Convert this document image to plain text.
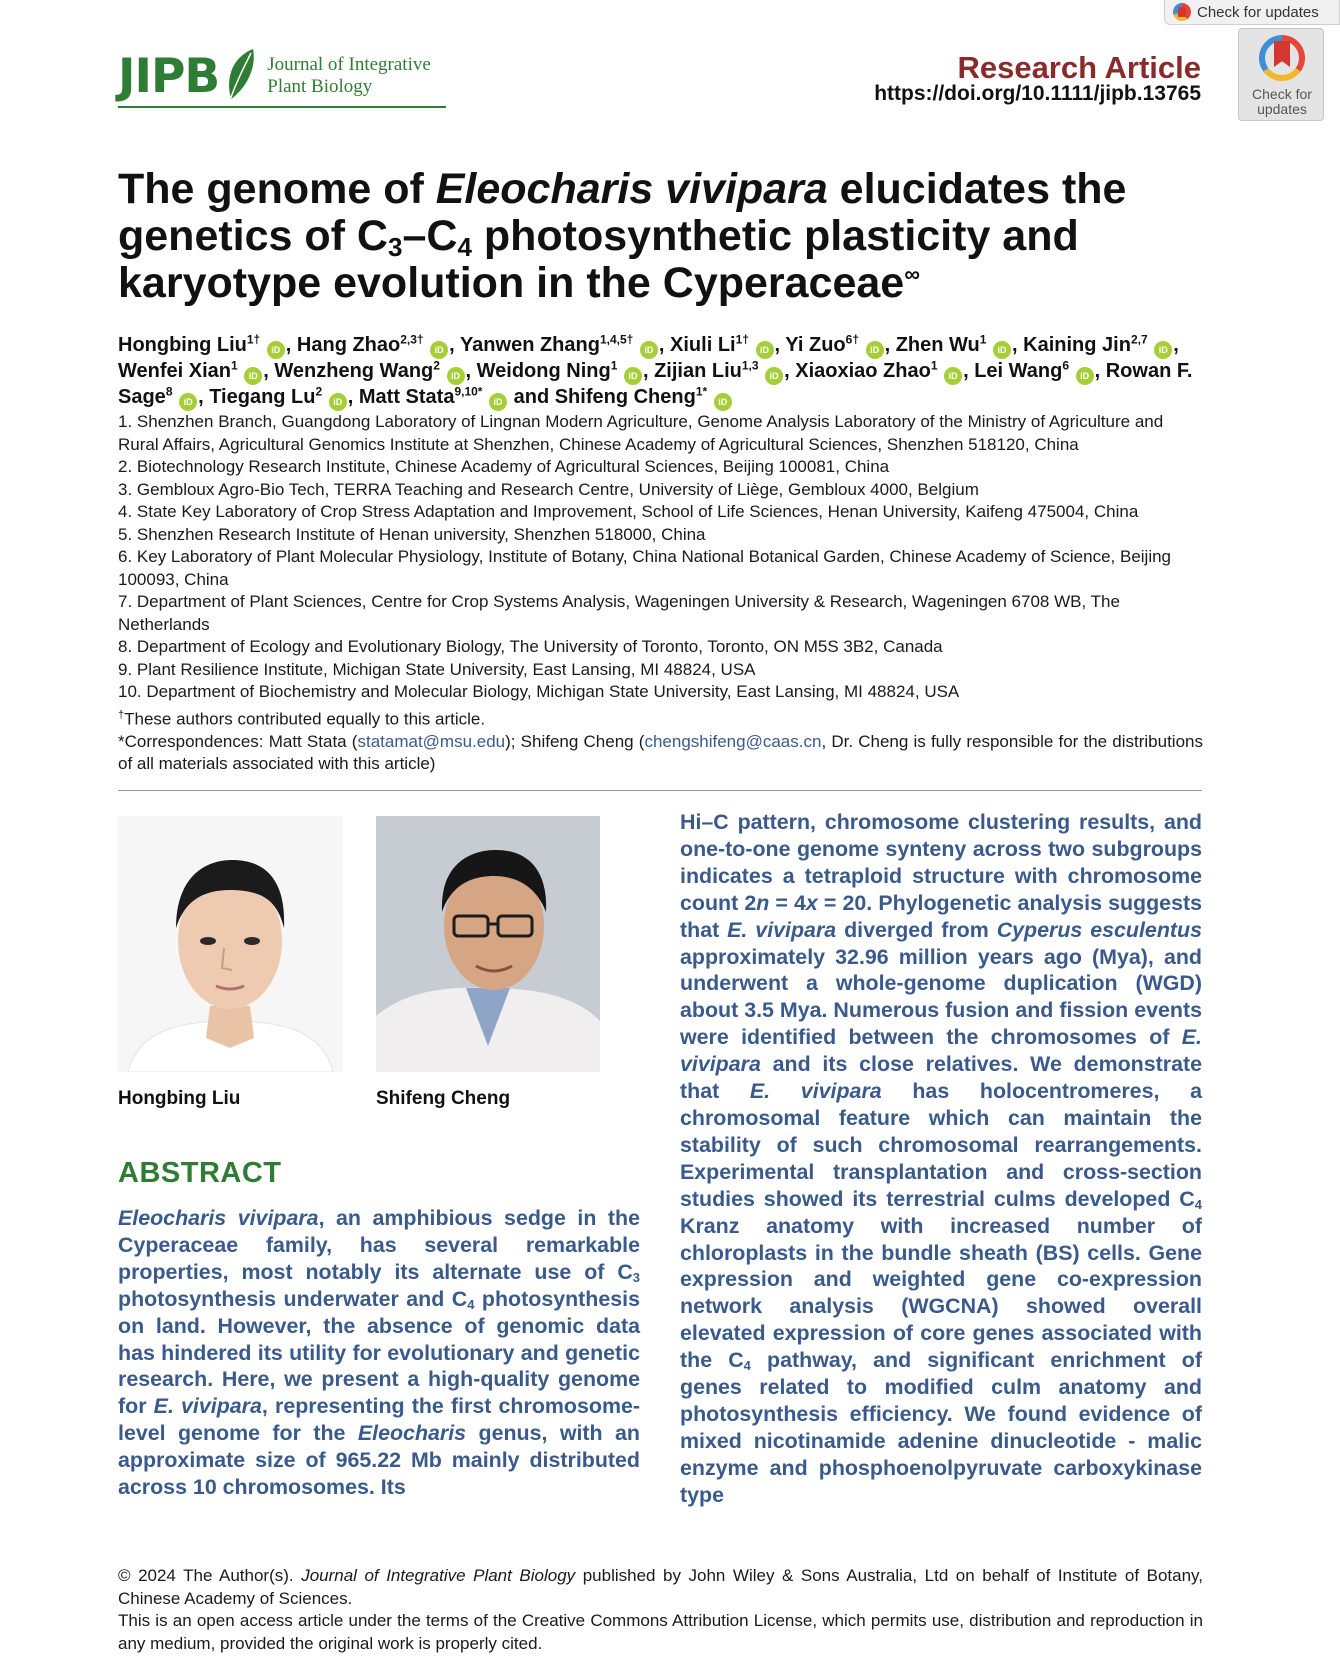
Check for updates
Check for
updates
JIPB	Journal of Integrative
Plant Biology
Research Article
https://doi.org/10.1111/jipb.13765
The genome of Eleocharis vivipara elucidates the genetics of $C_3-C_4$ photosynthetic plasticity and karyotype evolution in the Cyperaceae∞
Hongbing Liu$^{1\dagger}$ iD , Hang Zhao$^{2,3\dagger}$ iD , Yanwen Zhang$^{1,4,5\dagger}$ iD , Xiuli $Li^{1\dagger}$ iD , Yi Zuo$^{6\dagger}$ iD , Zhen Wu$^1$ iD , Kaining Jin$^{2,7}$ iD , Wenfei Xian$^1$ iD , Wenzheng Wang$^2$ iD , Weidong Ning$^1$ iD , Zijian Liu$^{1,3}$ iD , Xiaoxiao Zhao$^1$ iD , Lei Wang$^6$ iD , Rowan F. Sage$^8$ iD , Tiegang Lu$^2$ iD , Matt Stata$^{9,10*}$ iD and Shifeng Cheng$^{1*}$ iD
1. Shenzhen Branch, Guangdong Laboratory of Lingnan Modern Agriculture, Genome Analysis Laboratory of the Ministry of Agriculture and Rural Affairs, Agricultural Genomics Institute at Shenzhen, Chinese Academy of Agricultural Sciences, Shenzhen 518120, China
2. Biotechnology Research Institute, Chinese Academy of Agricultural Sciences, Beijing 100081, China
3. Gembloux Agro-Bio Tech, TERRA Teaching and Research Centre, University of Liège, Gembloux 4000, Belgium
4. State Key Laboratory of Crop Stress Adaptation and Improvement, School of Life Sciences, Henan University, Kaifeng 475004, China
5. Shenzhen Research Institute of Henan university, Shenzhen 518000, China
6. Key Laboratory of Plant Molecular Physiology, Institute of Botany, China National Botanical Garden, Chinese Academy of Science, Beijing 100093, China
7. Department of Plant Sciences, Centre for Crop Systems Analysis, Wageningen University & Research, Wageningen 6708 WB, The Netherlands
8. Department of Ecology and Evolutionary Biology, The University of Toronto, Toronto, ON M5S 3B2, Canada
9. Plant Resilience Institute, Michigan State University, East Lansing, MI 48824, USA
10. Department of Biochemistry and Molecular Biology, Michigan State University, East Lansing, MI 48824, USA
†These authors contributed equally to this article.
*Correspondences: Matt Stata (statamat@msu.edu); Shifeng Cheng (chengshifeng@caas.cn, Dr. Cheng is fully responsible for the distributions of all materials associated with this article)
Hongbing Liu	Shifeng Cheng
ABSTRACT
Eleocharis vivipara, an amphibious sedge in the Cyperaceae family, has several remarkable properties, most notably its alternate use of $C_3$ photosynthesis underwater and $C_4$ photosynthesis on land. However, the absence of genomic data has hindered its utility for evolutionary and genetic research. Here, we present a high-quality genome for E. vivipara, representing the first chromosome-level genome for the Eleocharis genus, with an approximate size of 965.22 Mb mainly distributed across 10 chromosomes. Its
Hi–C pattern, chromosome clustering results, and one-to-one genome synteny across two subgroups indicates a tetraploid structure with chromosome count 2n = 4x = 20. Phylogenetic analysis suggests that E. vivipara diverged from Cyperus esculentus approximately 32.96 million years ago (Mya), and underwent a whole-genome duplication (WGD) about 3.5 Mya. Numerous fusion and fission events were identified between the chromosomes of E. vivipara and its close relatives. We demonstrate that E. vivipara has holocentromeres, a chromosomal feature which can maintain the stability of such chromosomal rearrangements. Experimental transplantation and cross-section studies showed its terrestrial culms developed $C_4$ Kranz anatomy with increased number of chloroplasts in the bundle sheath (BS) cells. Gene expression and weighted gene co-expression network analysis (WGCNA) showed overall elevated expression of core genes associated with the $C_4$ pathway, and significant enrichment of genes related to modified culm anatomy and photosynthesis efficiency. We found evidence of mixed nicotinamide adenine dinucleotide - malic enzyme and phosphoenolpyruvate carboxykinase type
© 2024 The Author(s). Journal of Integrative Plant Biology published by John Wiley & Sons Australia, Ltd on behalf of Institute of Botany, Chinese Academy of Sciences.
This is an open access article under the terms of the Creative Commons Attribution License, which permits use, distribution and reproduction in any medium, provided the original work is properly cited.
